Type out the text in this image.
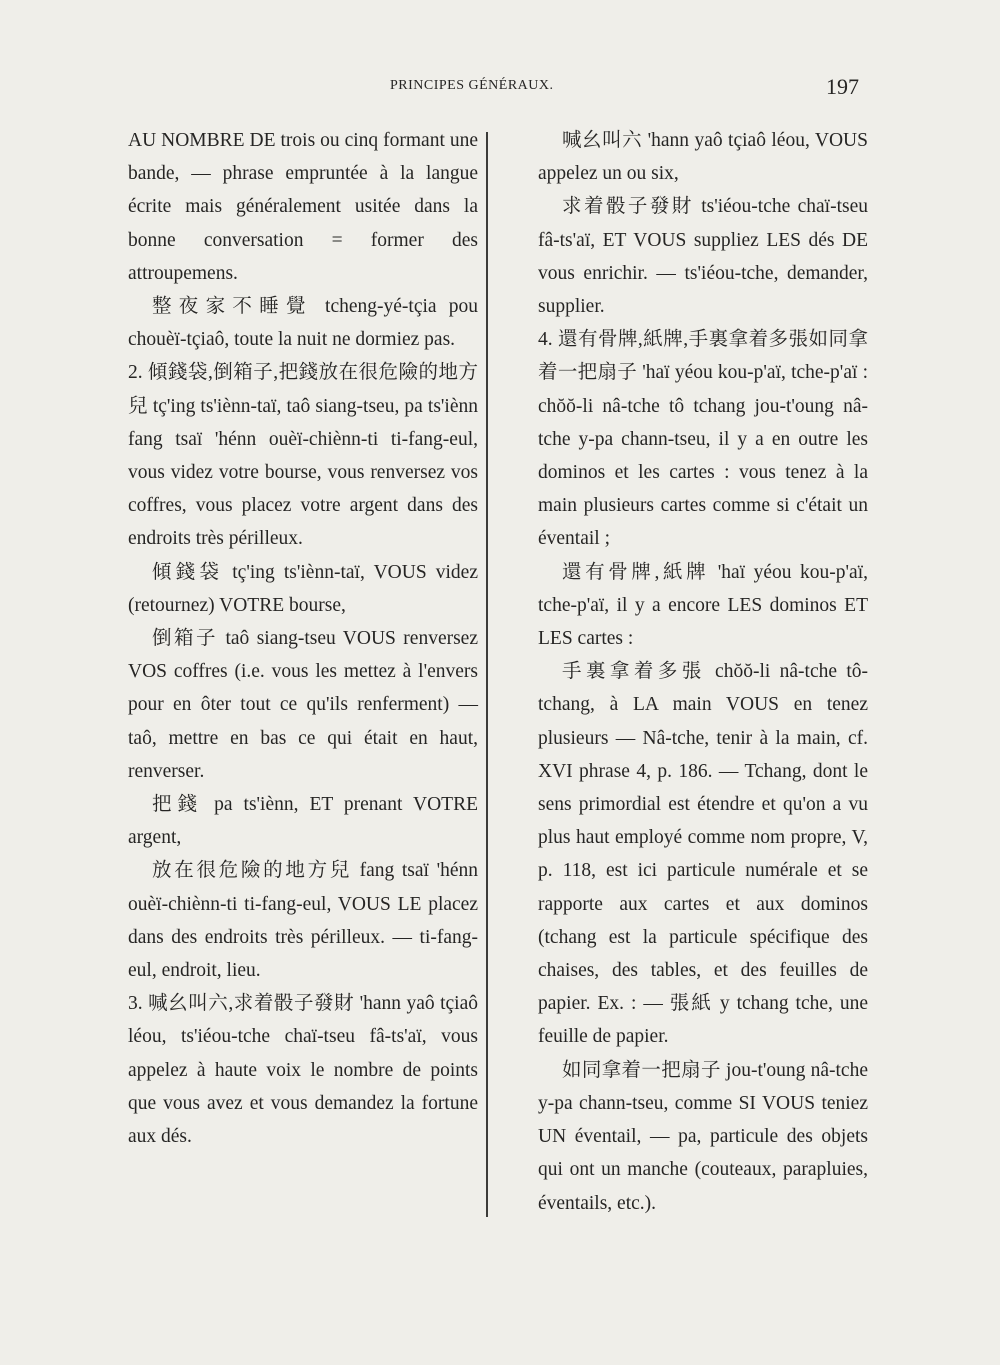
PRINCIPES GÉNÉRAUX.	197

AU NOMBRE DE trois ou cinq formant une bande, — phrase empruntée à la langue écrite mais généralement usitée dans la bonne conversation = former des attroupemens.

整夜家不睡覺 tcheng-yé-tçia pou chouèï-tçiaô, toute la nuit ne dormiez pas.

2. 傾錢袋,倒箱子,把錢放在很危險的地方兒 tç'ing ts'iènn-taï, taô siang-tseu, pa ts'iènn fang tsaï 'hénn ouèï-chiènn-ti ti-fang-eul, vous videz votre bourse, vous renversez vos coffres, vous placez votre argent dans des endroits très périlleux.

傾錢袋 tç'ing ts'iènn-taï, VOUS videz (retournez) VOTRE bourse,

倒箱子 taô siang-tseu VOUS renversez VOS coffres (i.e. vous les mettez à l'envers pour en ôter tout ce qu'ils renferment) — taô, mettre en bas ce qui était en haut, renverser.

把錢 pa ts'iènn, ET prenant VOTRE argent,

放在很危險的地方兒 fang tsaï 'hénn ouèï-chiènn-ti ti-fang-eul, VOUS LE placez dans des endroits très périlleux. — ti-fang-eul, endroit, lieu.

3. 喊幺叫六,求着骰子發財 'hann yaô tçiaô léou, ts'iéou-tche chaï-tseu fâ-ts'aï, vous appelez à haute voix le nombre de points que vous avez et vous demandez la fortune aux dés.

喊幺叫六 'hann yaô tçiaô léou, VOUS appelez un ou six,

求着骰子發財 ts'iéou-tche chaï-tseu fâ-ts'aï, ET VOUS suppliez LES dés DE vous enrichir. — ts'iéou-tche, demander, supplier.

4. 還有骨牌,紙牌,手裏拿着多張如同拿着一把扇子 'haï yéou kou-p'aï, tche-p'aï : chŏŏ-li nâ-tche tô tchang jou-t'oung nâ-tche y-pa chann-tseu, il y a en outre les dominos et les cartes : vous tenez à la main plusieurs cartes comme si c'était un éventail ;

還有骨牌,紙牌 'haï yéou kou-p'aï, tche-p'aï, il y a encore LES dominos ET LES cartes :

手裏拿着多張 chŏŏ-li nâ-tche tô-tchang, à LA main VOUS en tenez plusieurs — Nâ-tche, tenir à la main, cf. XVI phrase 4, p. 186. — Tchang, dont le sens primordial est étendre et qu'on a vu plus haut employé comme nom propre, V, p. 118, est ici particule numérale et se rapporte aux cartes et aux dominos (tchang est la particule spécifique des chaises, des tables, et des feuilles de papier. Ex. : — 張紙 y tchang tche, une feuille de papier.

如同拿着一把扇子 jou-t'oung nâ-tche y-pa chann-tseu, comme SI VOUS teniez UN éventail, — pa, particule des objets qui ont un manche (couteaux, parapluies, éventails, etc.).
